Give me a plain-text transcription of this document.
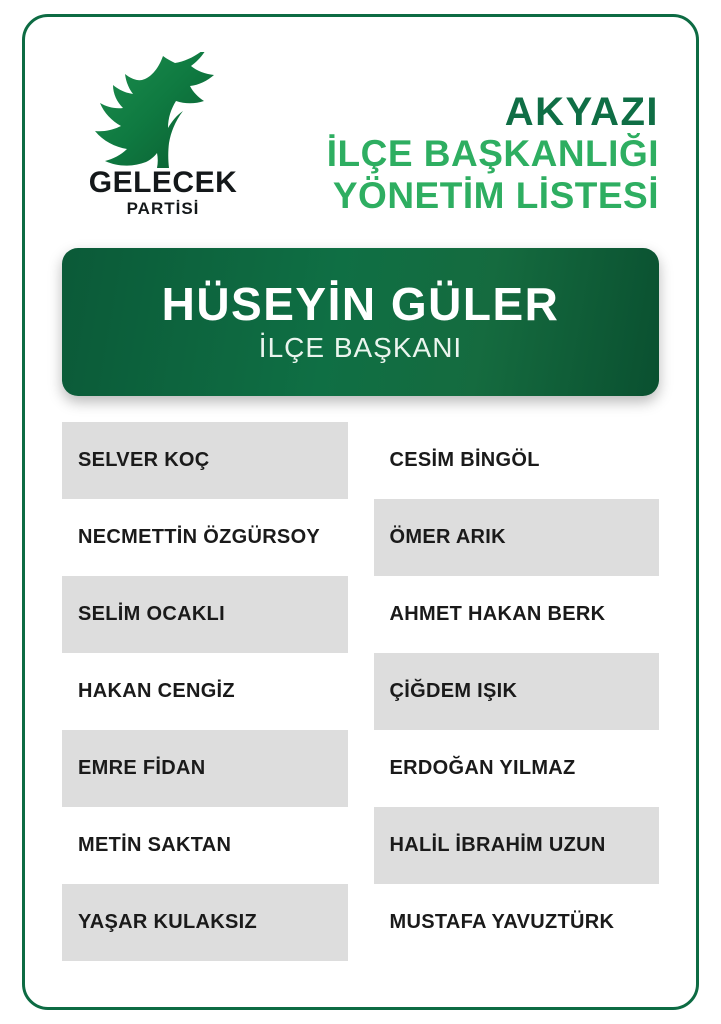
GELECEK
PARTİSİ
AKYAZI
İLÇE BAŞKANLIĞI
YÖNETİM LİSTESİ
HÜSEYİN GÜLER
İLÇE BAŞKANI
SELVER KOÇ
NECMETTİN ÖZGÜRSOY
SELİM OCAKLI
HAKAN CENGİZ
EMRE FİDAN
METİN SAKTAN
YAŞAR KULAKSIZ
CESİM BİNGÖL
ÖMER ARIK
AHMET HAKAN BERK
ÇİĞDEM IŞIK
ERDOĞAN YILMAZ
HALİL İBRAHİM UZUN
MUSTAFA YAVUZTÜRK
